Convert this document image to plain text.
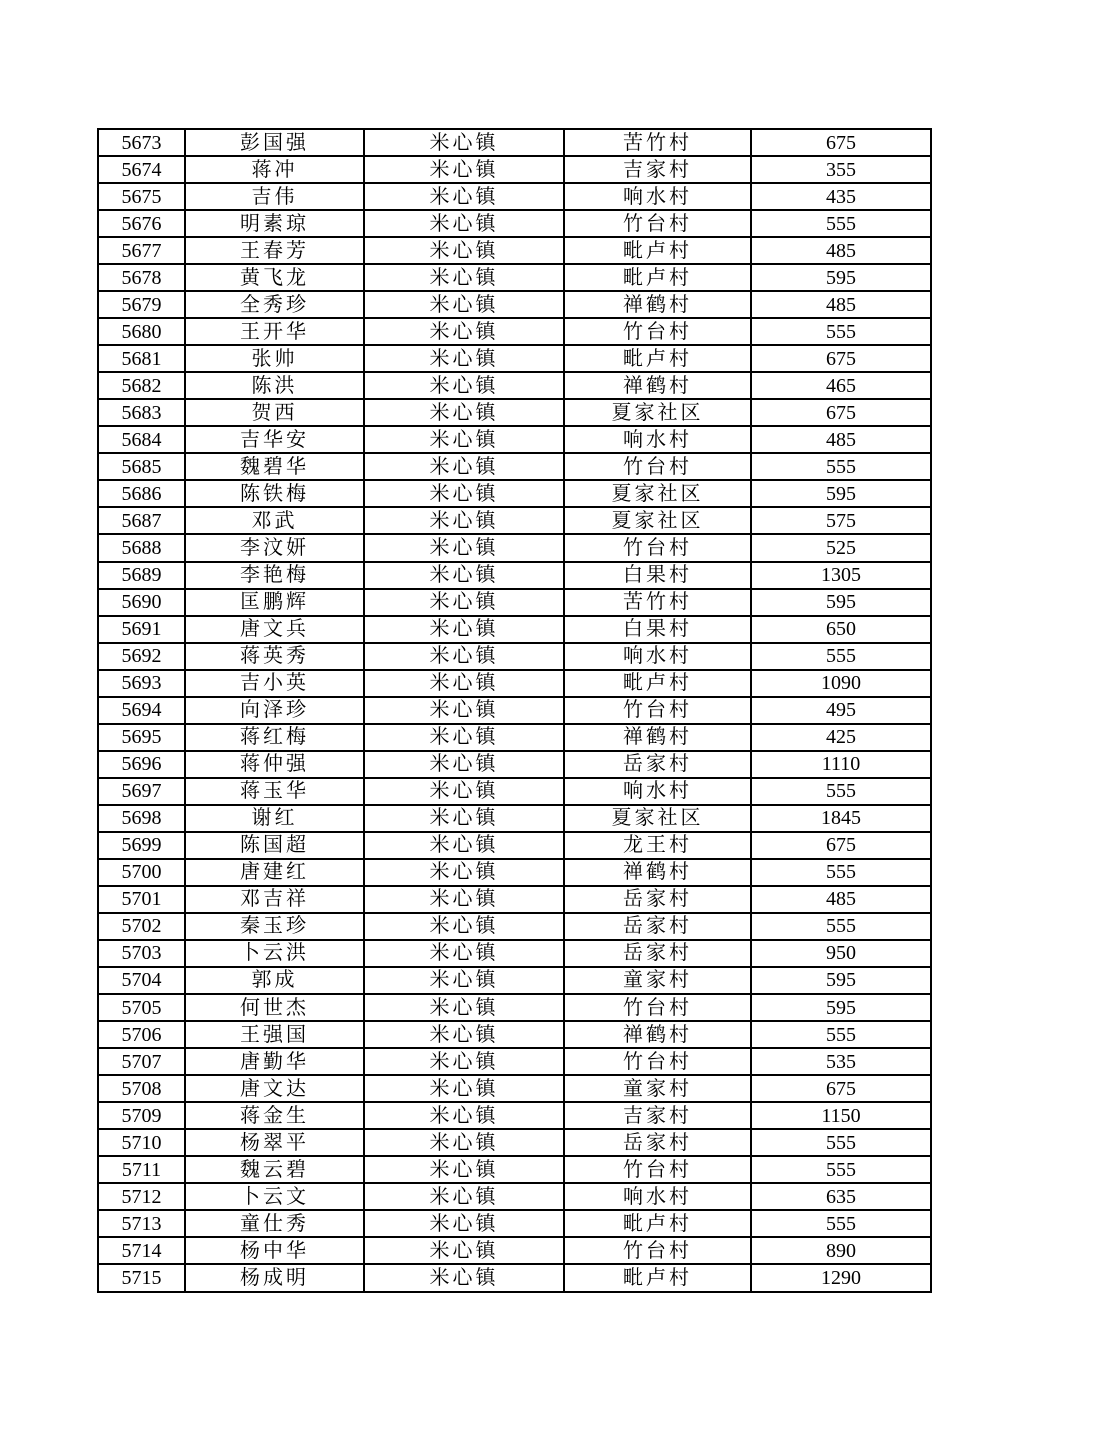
5673	彭国强	米心镇	苦竹村	675
5674	蒋冲	米心镇	吉家村	355
5675	吉伟	米心镇	响水村	435
5676	明素琼	米心镇	竹台村	555
5677	王春芳	米心镇	毗卢村	485
5678	黄飞龙	米心镇	毗卢村	595
5679	全秀珍	米心镇	禅鹤村	485
5680	王开华	米心镇	竹台村	555
5681	张帅	米心镇	毗卢村	675
5682	陈洪	米心镇	禅鹤村	465
5683	贺西	米心镇	夏家社区	675
5684	吉华安	米心镇	响水村	485
5685	魏碧华	米心镇	竹台村	555
5686	陈铁梅	米心镇	夏家社区	595
5687	邓武	米心镇	夏家社区	575
5688	李汶妍	米心镇	竹台村	525
5689	李艳梅	米心镇	白果村	1305
5690	匡鹏辉	米心镇	苦竹村	595
5691	唐文兵	米心镇	白果村	650
5692	蒋英秀	米心镇	响水村	555
5693	吉小英	米心镇	毗卢村	1090
5694	向泽珍	米心镇	竹台村	495
5695	蒋红梅	米心镇	禅鹤村	425
5696	蒋仲强	米心镇	岳家村	1110
5697	蒋玉华	米心镇	响水村	555
5698	谢红	米心镇	夏家社区	1845
5699	陈国超	米心镇	龙王村	675
5700	唐建红	米心镇	禅鹤村	555
5701	邓吉祥	米心镇	岳家村	485
5702	秦玉珍	米心镇	岳家村	555
5703	卜云洪	米心镇	岳家村	950
5704	郭成	米心镇	童家村	595
5705	何世杰	米心镇	竹台村	595
5706	王强国	米心镇	禅鹤村	555
5707	唐勤华	米心镇	竹台村	535
5708	唐文达	米心镇	童家村	675
5709	蒋金生	米心镇	吉家村	1150
5710	杨翠平	米心镇	岳家村	555
5711	魏云碧	米心镇	竹台村	555
5712	卜云文	米心镇	响水村	635
5713	童仕秀	米心镇	毗卢村	555
5714	杨中华	米心镇	竹台村	890
5715	杨成明	米心镇	毗卢村	1290
